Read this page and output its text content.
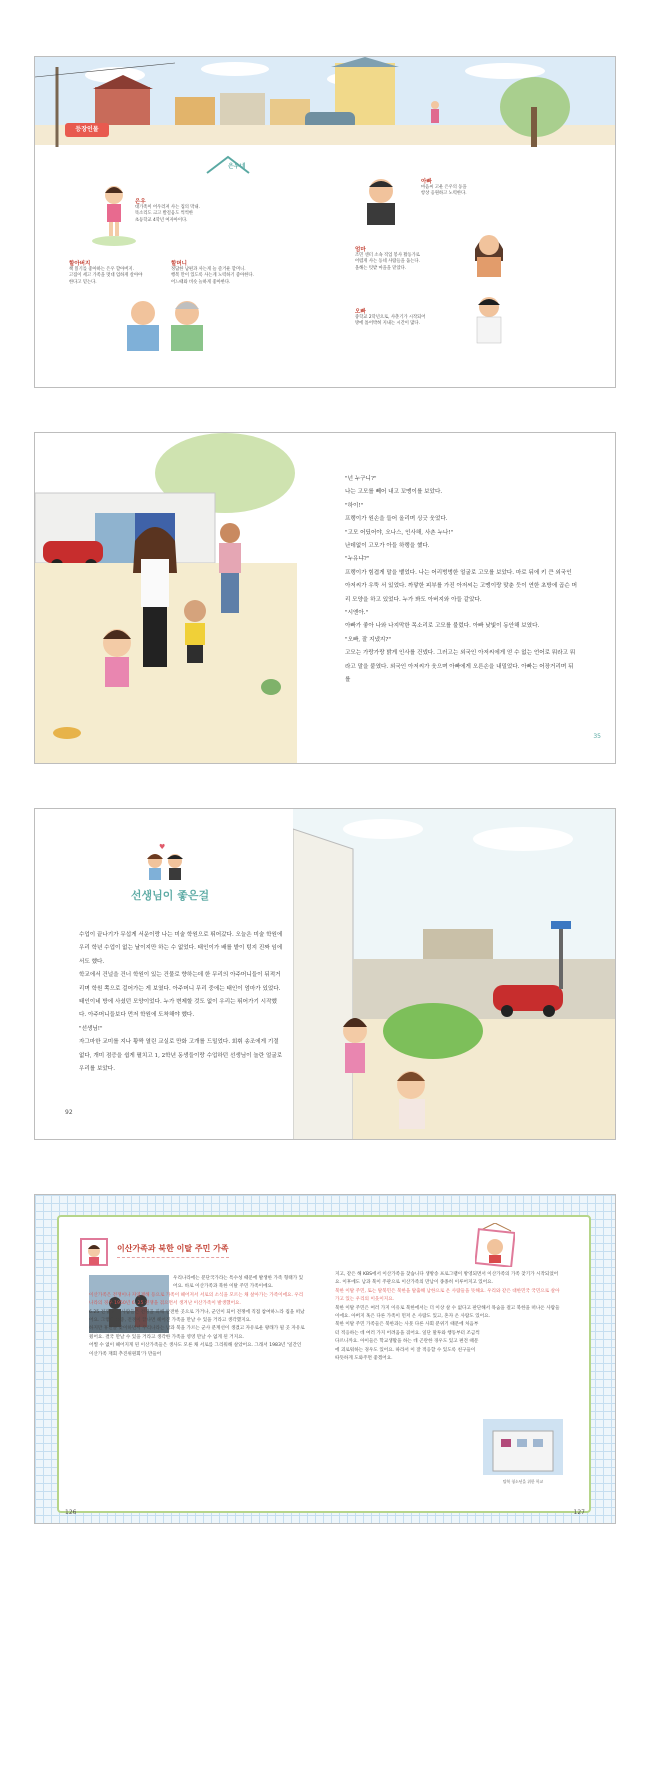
등장인물
은우네
은우
대가족이 어우러져 사는 집의 막내.
똑소리도 크고 발걸음도 씩씩한
초등학교 4학년 여자아이다.
할아버지
책 읽기를 좋아하는 은우 할아버지.
고집이 세고 가족을 멋대 엄하게 살아야
한다고 믿는다.
할머니
정답한 남편과 사는게 늘 즐거운 할머니.
행복 만이 있도록 사는게 노력하기 좋아한다.
어느때와 비슷 놀하게 좋아한다.
아빠
마음씨 고운 은우의 동을
항상 응원하고 노력한다.
엄마
조민 센터 소속 직업 봉사 활동가로
어렵게 사는 동네 사람들을 돕는다.
올해는 텃밭 마을을 맡았다.
오빠
중학교 2학년으로, 사춘기가 시작되어
방에 틀어박혀 지내는 시간이 많다.

"넌 누구니?"

나는 고모를 빼어 내고 꼬맹이를 보았다.

"하이!"

프랭이가 원손을 들어 올리며 싱긋 웃었다.

"고모 어딨어야, 오나스, 인사해, 사촌 누나!"

난데없이 고모가 아들 하랭을 했다.

"누유냐?"

프랭이가 힘겹게 말을 뱉었다. 나는 어리벙벙한 얼굴로 고모를 보았다. 마로 뒤에 키 큰 외국인 아저씨가 우뚝 서 있었다. 까맣한 피부를 가진 아저씨는 고맹이랑 맞춘 듯이 연한 초방에 곱슨 머리 모양을 하고 있었다. 누가 봐도 아버지와 아들 같았다.

"시엔아."

아빠가 좋아 나와 나지막한 목소리로 고모를 불렀다. 아빠 낮빛이 동안해 보였다.

"오빠, 잘 지냈지?"

고모는 가랑가랑 밝게 인사를 건넸다. 그러고는 외국인 아저씨에게 얻 수 없는 언어로 뭐라고 뭐라고 말을 붙였다. 외국인 아저씨가 웃으며 아빠에게 오른손을 내밀었다. 아빠는 어장거리며 뒤를

35
♥
선생님이 좋은걸

수업이 끝나기가 무섭게 서운이랑 나는 미술 학원으로 뛰어갔다. 오늘은 미술 학원에 우리 학년 수업이 없는 날이지만 하는 수 없었다. 태인이가 배를 밭이 텅지 진짜 임에서도 했다.

학교에서 건널을 건너 학원이 있는 건물로 향하는데 한 무리의 아주머니들이 뒤적거리며 학원 쪽으로 걸어가는 게 보였다. 아주머니 무리 중에는 태인이 엄마가 있었다. 태인이네 방에 사셨던 모양이었다. 누가 변제할 것도 없이 우리는 뛰어가기 시작했다. 아주머니들보다 먼저 학원에 도착해야 했다.

"선생님!"

자그마한 교미를 지나 황짝 열린 교실로 만화 고개를 드밀었다. 회휘 송조에게 기절 없다, 개미 점증을 쉽게 펼치고 1, 2학년 동생들이랑 수업하던 선생님이 놀란 얼굴로 우리를 보았다.

92
이산가족과 북한 이탈 주민 가족

우리나라에는 분단국가라는 특수성 때문에 발생한 가족 형태가 있어요. 바로 이산가족과 북한 이탈 주민 가족이에요.

이산가족은 전쟁이나 자연재해 등으로 가족이 헤어져서 서로의 소식을 모르는 채 살아가는 가족이에요. 우리나라의 경우 1950년 6. 25 전쟁을 겪으면서 생겨난 이산가족이 발생했어요.

6.25 전쟁 당시 사람들은 전쟁을 피해 안전한 곳으로 가거나, 군인이 되어 전쟁에 직접 참여하느라 집을 떠났어요. 그렇던 와중, 전쟁이 끝나면 헤어진 가족을 만날 수 있을 거라고 생각했지요.

하지만 휴전을 맞이하면서 우리나라는 남과 북을 가르는 군사 분계선이 생겼고 자유로운 왕래가 될 곳 자유로웠어요. 결국 만날 수 있을 거라고 생각한 가족을 영영 만날 수 없게 된 거지요.

어쩔 수 없이 헤어지게 된 이산가족들은 생사도 모른 채 서로를 그리워해 살았어요. 그래서 1983년 '일간인 이산가족 재회 추진위원회'가 만들어

지고, 같은 해 KBS에서 이산가족을 찾습니다 생방송 프로그램이 방영되면서 이산가족의 가족 찾기가 시작되었어요. 이후에도 남과 북이 주관으로 이산가족의 만남이 종종히 이루어지고 있어요.

북한 이탈 주민, 또는 탈북민은 북한을 탈출해 남한으로 온 사람들을 뜻해요. 우리와 같은 대한민국 국민으로 살아가고 있는 우리의 이웃이지요.

북한 이탈 주민은 여러 가지 이유로 북한에서는 더 이상 살 수 없다고 판단해서 목숨을 걸고 북한을 떠나온 사람들이에요. 아버지 혹은 다른 가족이 먼저 온 사람도 있고, 혼자 온 사람도 있어요.

북한 이탈 주민 가족들은 북한과는 사뭇 다른 사회 분위기 때문에 처음부터 적응하는 데 여러 가지 어려움을 겪어요. 일단 말투와 행동부터 조금씩 다르니까요. 아이들은 학교생활을 하는 데 곤란한 경우도 있고 편견 때문에 괴로워하는 경우도 있어요. 따라서 이 잘 적응할 수 있도록 친구들이 따뜻하게 도와주면 좋겠어요.

탈북 청소년을 위한 학교
126	127
